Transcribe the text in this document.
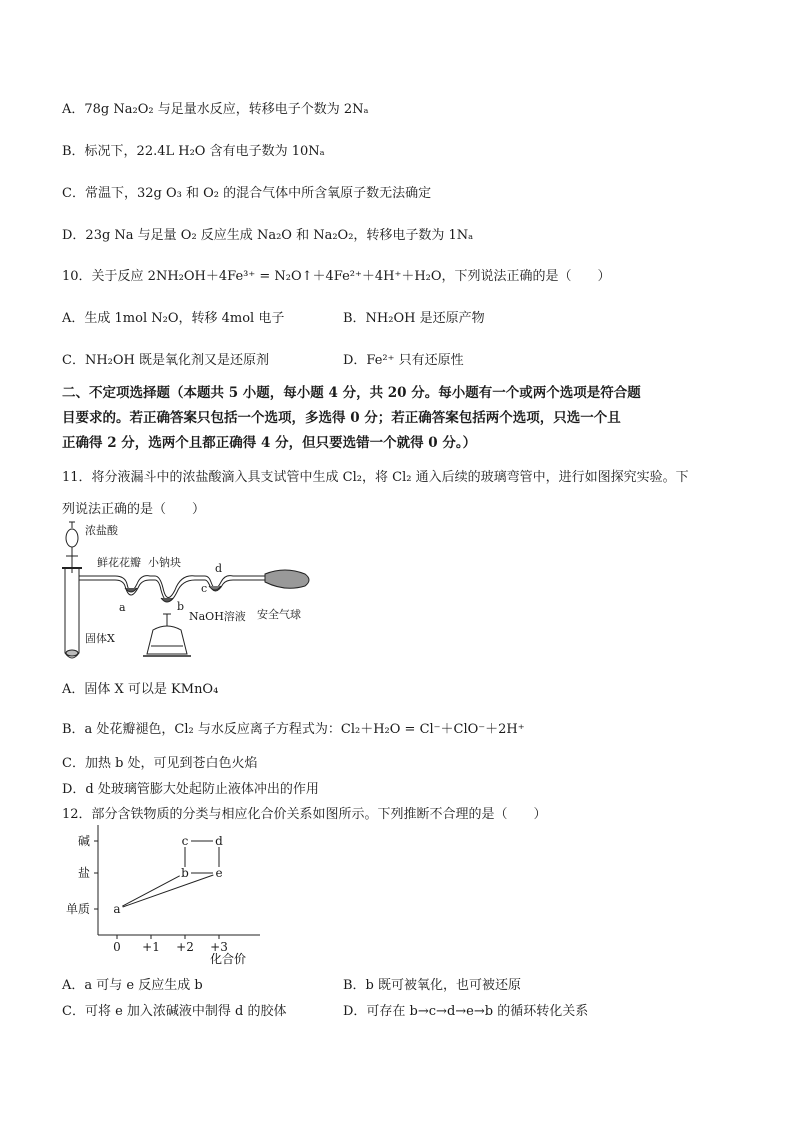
A．78g Na₂O₂ 与足量水反应，转移电子个数为 2Nₐ
B．标况下，22.4L H₂O 含有电子数为 10Nₐ
C．常温下，32g O₃ 和 O₂ 的混合气体中所含氧原子数无法确定
D．23g Na 与足量 O₂ 反应生成 Na₂O 和 Na₂O₂，转移电子数为 1Nₐ
10．关于反应 2NH₂OH＋4Fe³⁺ = N₂O↑＋4Fe²⁺＋4H⁺＋H₂O，下列说法正确的是（　　）
A．生成 1mol N₂O，转移 4mol 电子	B．NH₂OH 是还原产物
C．NH₂OH 既是氧化剂又是还原剂	D．Fe²⁺ 只有还原性
二、不定项选择题（本题共 5 小题，每小题 4 分，共 20 分。每小题有一个或两个选项是符合题
目要求的。若正确答案只包括一个选项，多选得 0 分；若正确答案包括两个选项，只选一个且
正确得 2 分，选两个且都正确得 4 分，但只要选错一个就得 0 分。）
11．将分液漏斗中的浓盐酸滴入具支试管中生成 Cl₂，将 Cl₂ 通入后续的玻璃弯管中，进行如图探究实验。下
列说法正确的是（　　）
浓盐酸
鲜花花瓣 小钠块
a	b
c
d
NaOH溶液 安全气球
固体X
A．固体 X 可以是 KMnO₄
B．a 处花瓣褪色，Cl₂ 与水反应离子方程式为：Cl₂＋H₂O = Cl⁻＋ClO⁻＋2H⁺
C．加热 b 处，可见到苍白色火焰
D．d 处玻璃管膨大处起防止液体冲出的作用
12．部分含铁物质的分类与相应化合价关系如图所示。下列推断不合理的是（　　）
单质
盐
碱
0 +1 +2 +3
a
b e
c d
化合价
A．a 可与 e 反应生成 b	B．b 既可被氧化，也可被还原
C．可将 e 加入浓碱液中制得 d 的胶体	D．可存在 b→c→d→e→b 的循环转化关系
